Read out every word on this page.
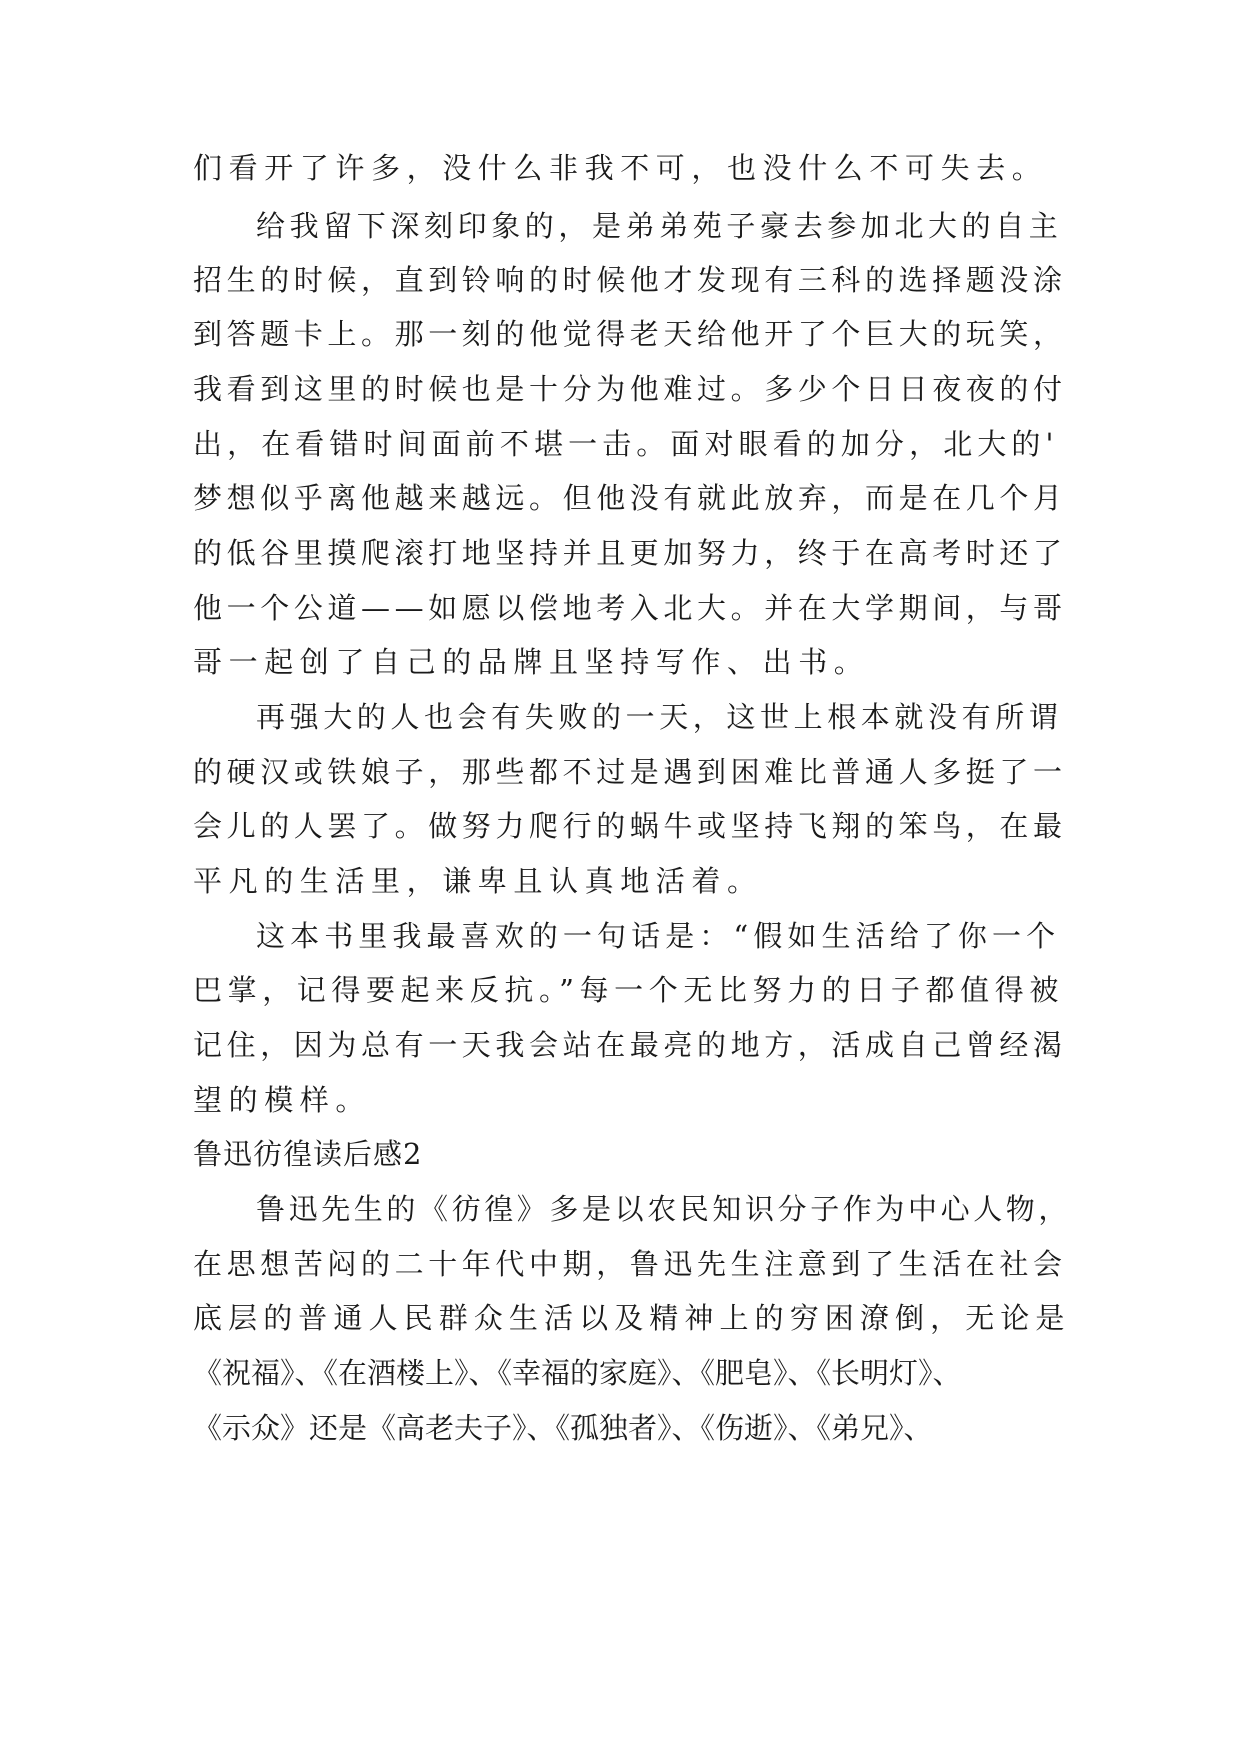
们看开了许多，没什么非我不可，也没什么不可失去。
给我留下深刻印象的，是弟弟苑子豪去参加北大的自主
招生的时候，直到铃响的时候他才发现有三科的选择题没涂
到答题卡上。那一刻的他觉得老天给他开了个巨大的玩笑，
我看到这里的时候也是十分为他难过。多少个日日夜夜的付
出，在看错时间面前不堪一击。面对眼看的加分，北大的'
梦想似乎离他越来越远。但他没有就此放弃，而是在几个月
的低谷里摸爬滚打地坚持并且更加努力，终于在高考时还了
他一个公道——如愿以偿地考入北大。并在大学期间，与哥
哥一起创了自己的品牌且坚持写作、出书。
再强大的人也会有失败的一天，这世上根本就没有所谓
的硬汉或铁娘子，那些都不过是遇到困难比普通人多挺了一
会儿的人罢了。做努力爬行的蜗牛或坚持飞翔的笨鸟，在最
平凡的生活里，谦卑且认真地活着。
这本书里我最喜欢的一句话是：“假如生活给了你一个
巴掌，记得要起来反抗。”每一个无比努力的日子都值得被
记住，因为总有一天我会站在最亮的地方，活成自己曾经渴
望的模样。
鲁迅彷徨读后感2
鲁迅先生的《彷徨》多是以农民知识分子作为中心人物，
在思想苦闷的二十年代中期，鲁迅先生注意到了生活在社会
底层的普通人民群众生活以及精神上的穷困潦倒，无论是
《祝福》、《在酒楼上》、《幸福的家庭》、《肥皂》、《长明灯》、
《示众》还是《高老夫子》、《孤独者》、《伤逝》、《弟兄》、
